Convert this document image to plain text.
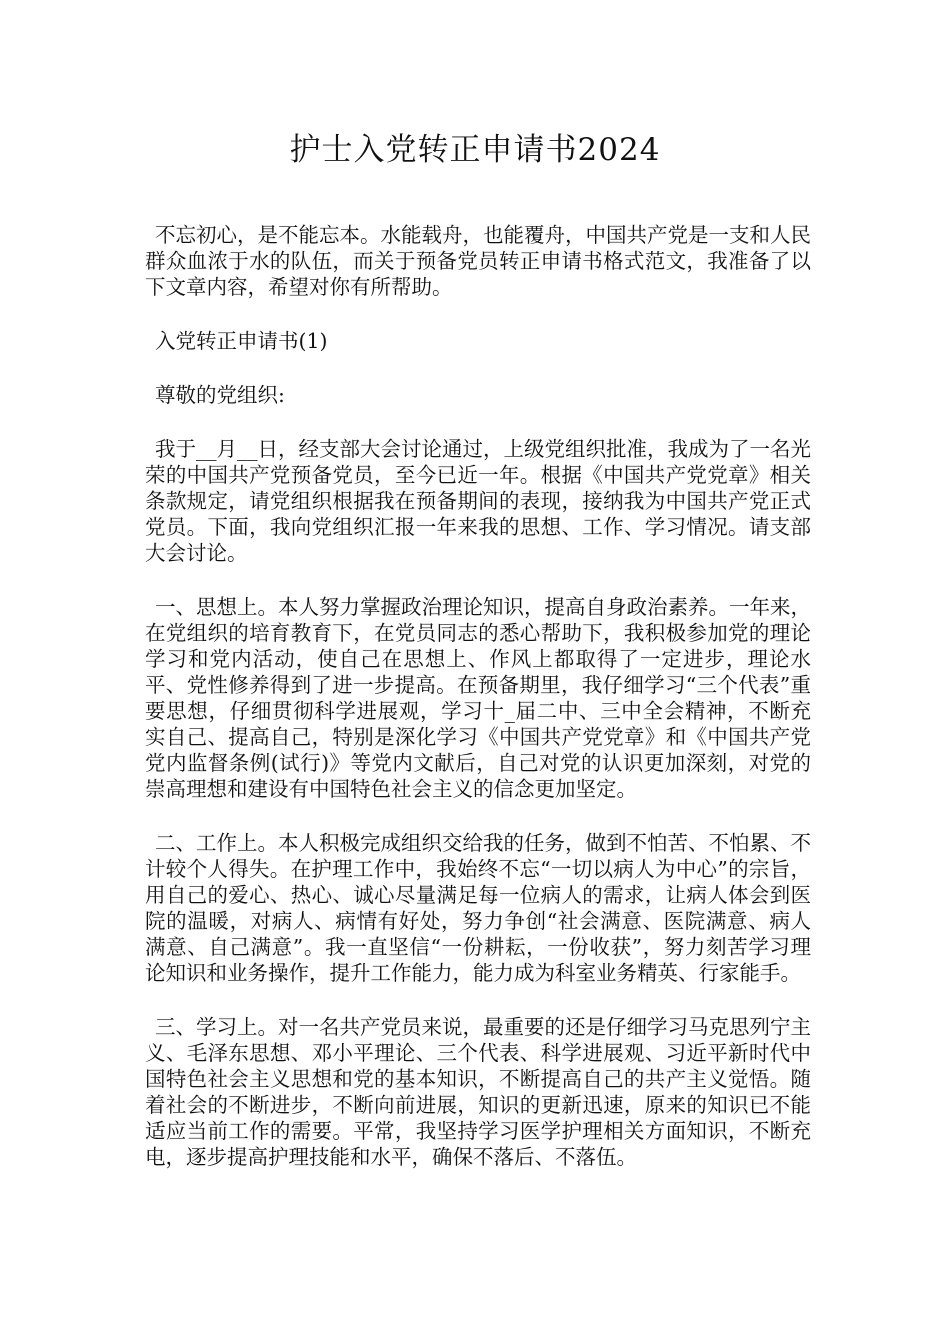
护士入党转正申请书2024

不忘初心，是不能忘本。水能载舟，也能覆舟，中国共产党是一支和人民群众血浓于水的队伍，而关于预备党员转正申请书格式范文，我准备了以下文章内容，希望对你有所帮助。

入党转正申请书(1)

尊敬的党组织:

我于__月__日，经支部大会讨论通过，上级党组织批准，我成为了一名光荣的中国共产党预备党员，至今已近一年。根据《中国共产党党章》相关条款规定，请党组织根据我在预备期间的表现，接纳我为中国共产党正式党员。下面，我向党组织汇报一年来我的思想、工作、学习情况。请支部大会讨论。

一、思想上。本人努力掌握政治理论知识，提高自身政治素养。一年来，在党组织的培育教育下，在党员同志的悉心帮助下，我积极参加党的理论学习和党内活动，使自己在思想上、作风上都取得了一定进步，理论水平、党性修养得到了进一步提高。在预备期里，我仔细学习“三个代表”重要思想，仔细贯彻科学进展观，学习十_届二中、三中全会精神，不断充实自己、提高自己，特别是深化学习《中国共产党党章》和《中国共产党党内监督条例(试行)》等党内文献后，自己对党的认识更加深刻，对党的崇高理想和建设有中国特色社会主义的信念更加坚定。

二、工作上。本人积极完成组织交给我的任务，做到不怕苦、不怕累、不计较个人得失。在护理工作中，我始终不忘“一切以病人为中心”的宗旨，用自己的爱心、热心、诚心尽量满足每一位病人的需求，让病人体会到医院的温暖，对病人、病情有好处，努力争创“社会满意、医院满意、病人满意、自己满意”。我一直坚信“一份耕耘，一份收获”，努力刻苦学习理论知识和业务操作，提升工作能力，能力成为科室业务精英、行家能手。

三、学习上。对一名共产党员来说，最重要的还是仔细学习马克思列宁主义、毛泽东思想、邓小平理论、三个代表、科学进展观、习近平新时代中国特色社会主义思想和党的基本知识，不断提高自己的共产主义觉悟。随着社会的不断进步，不断向前进展，知识的更新迅速，原来的知识已不能适应当前工作的需要。平常，我坚持学习医学护理相关方面知识，不断充电，逐步提高护理技能和水平，确保不落后、不落伍。
